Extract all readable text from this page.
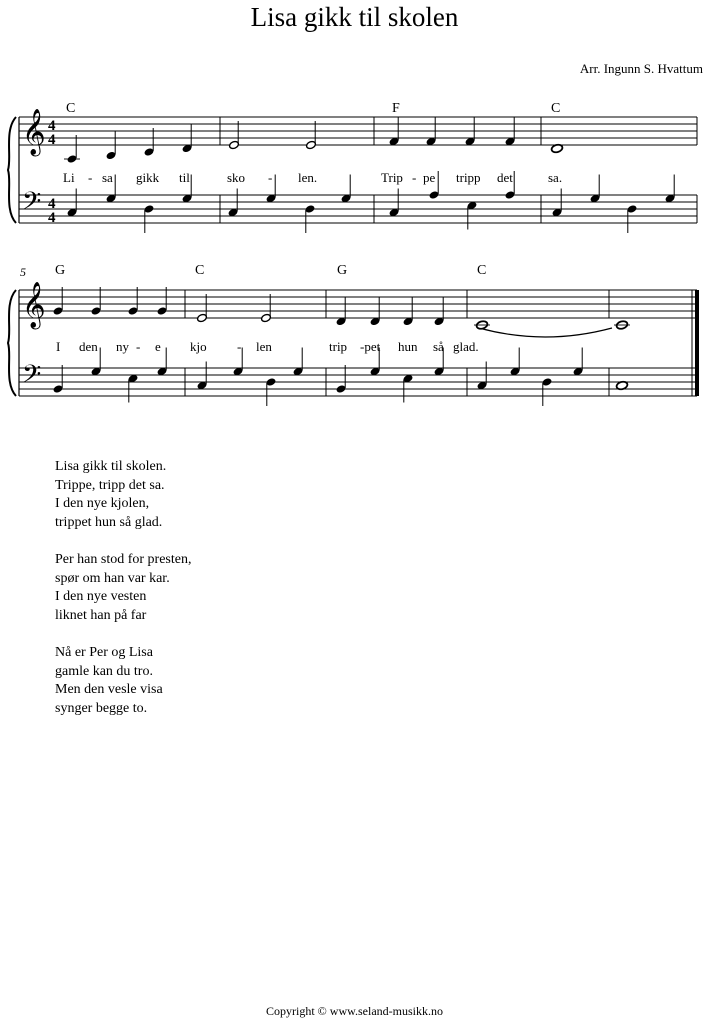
Lisa gikk til skolen
Arr. Ingunn S. Hvattum
𝄞
𝄢
4
4
4
4
C	F	C
Li - sa gikk til	sko - len.	Trip - pe tripp det	sa.
5
𝄞
𝄢
G	C	G	C
I den ny - e kjo - len	trip -pet hun så glad.
Lisa gikk til skolen.
Trippe, tripp det sa.
I den nye kjolen,
trippet hun så glad.
Per han stod for presten,
spør om han var kar.
I den nye vesten
liknet han på far
Nå er Per og Lisa
gamle kan du tro.
Men den vesle visa
synger begge to.
Copyright © www.seland-musikk.no
